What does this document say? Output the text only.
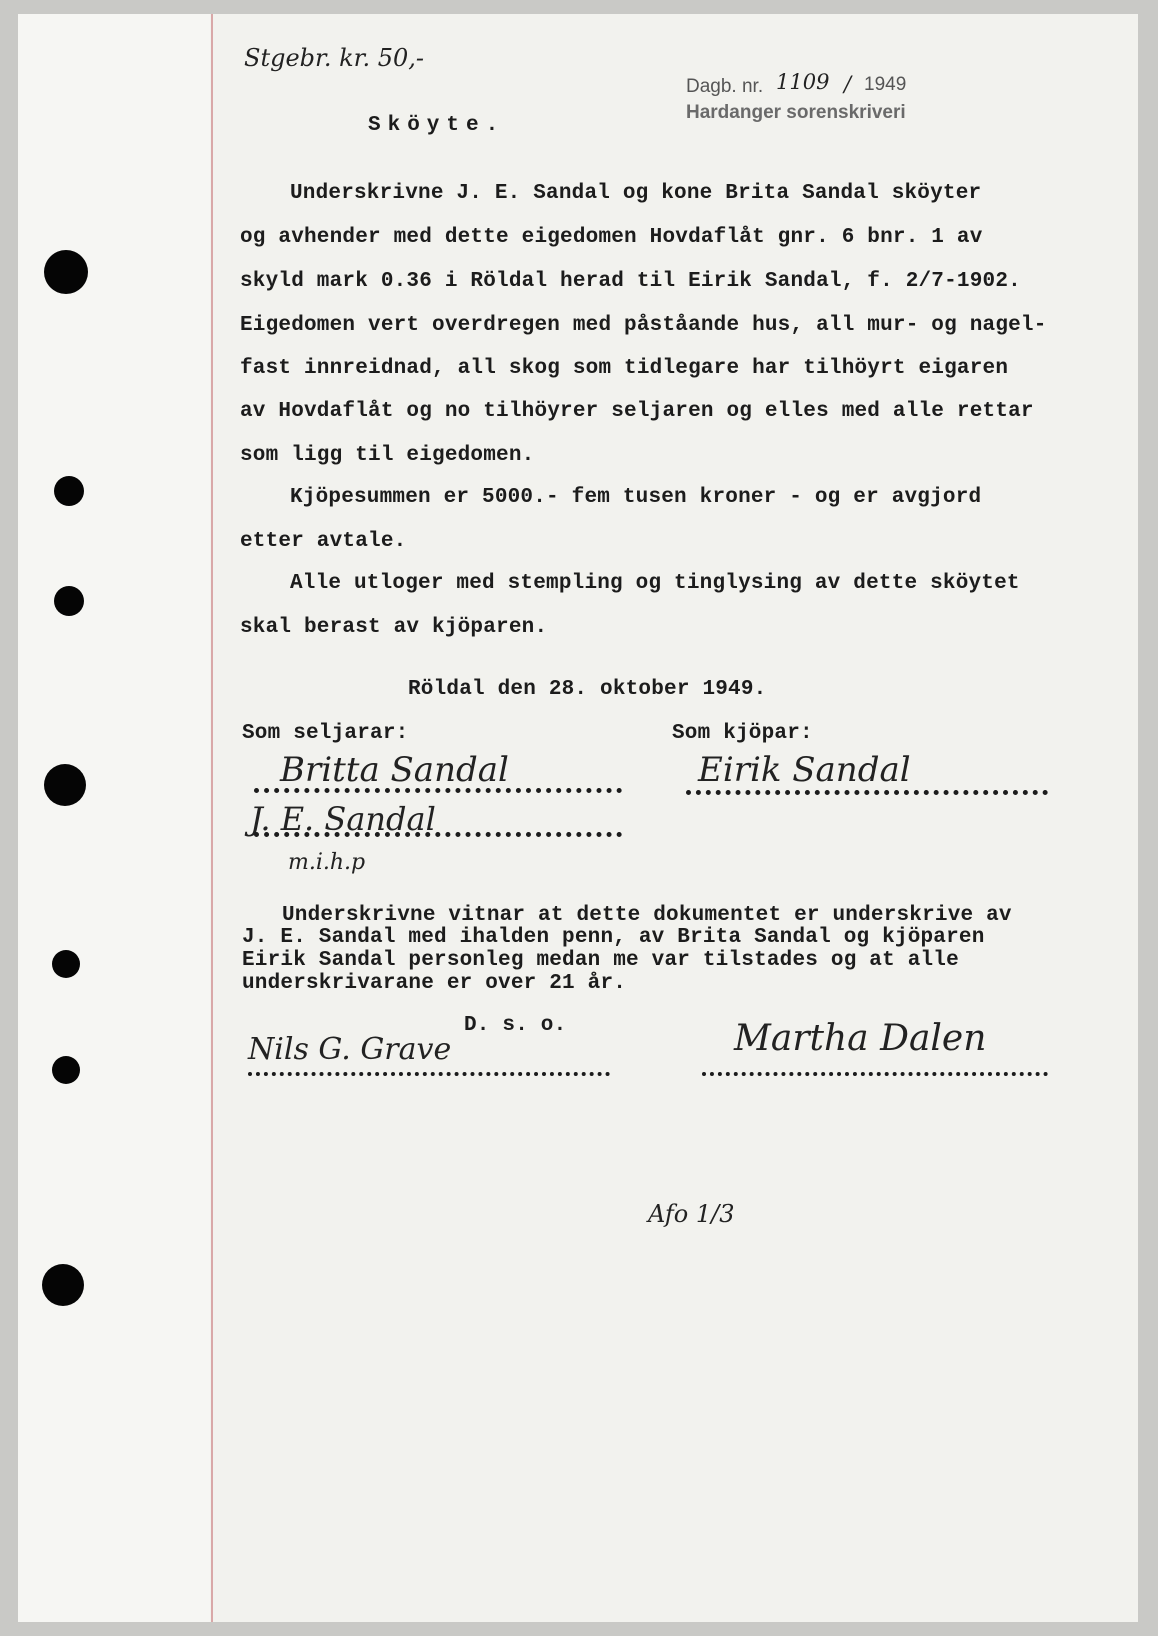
Stgebr. kr. 50,-
Dagb. nr. 1109 / 1949
Hardanger sorenskriveri
Sköyte.
Underskrivne J. E. Sandal og kone Brita Sandal sköyter
og avhender med dette eigedomen Hovdaflåt gnr. 6 bnr. 1 av
skyld mark 0.36 i Röldal herad til Eirik Sandal, f. 2/7-1902.
Eigedomen vert overdregen med påståande hus, all mur- og nagel-
fast innreidnad, all skog som tidlegare har tilhöyrt eigaren
av Hovdaflåt og no tilhöyrer seljaren og elles med alle rettar
som ligg til eigedomen.
Kjöpesummen er 5000.- fem tusen kroner - og er avgjord
etter avtale.
Alle utloger med stempling og tinglysing av dette sköytet
skal berast av kjöparen.
Röldal den 28. oktober 1949.
Som seljarar:	Som kjöpar:
Britta Sandal	Eirik Sandal
J. E. Sandal
m.i.h.p
Underskrivne vitnar at dette dokumentet er underskrive av
J. E. Sandal med ihalden penn, av Brita Sandal og kjöparen
Eirik Sandal personleg medan me var tilstades og at alle
underskrivarane er over 21 år.
D. s. o.
Nils G. Grave	Martha Dalen
Afo 1/3
